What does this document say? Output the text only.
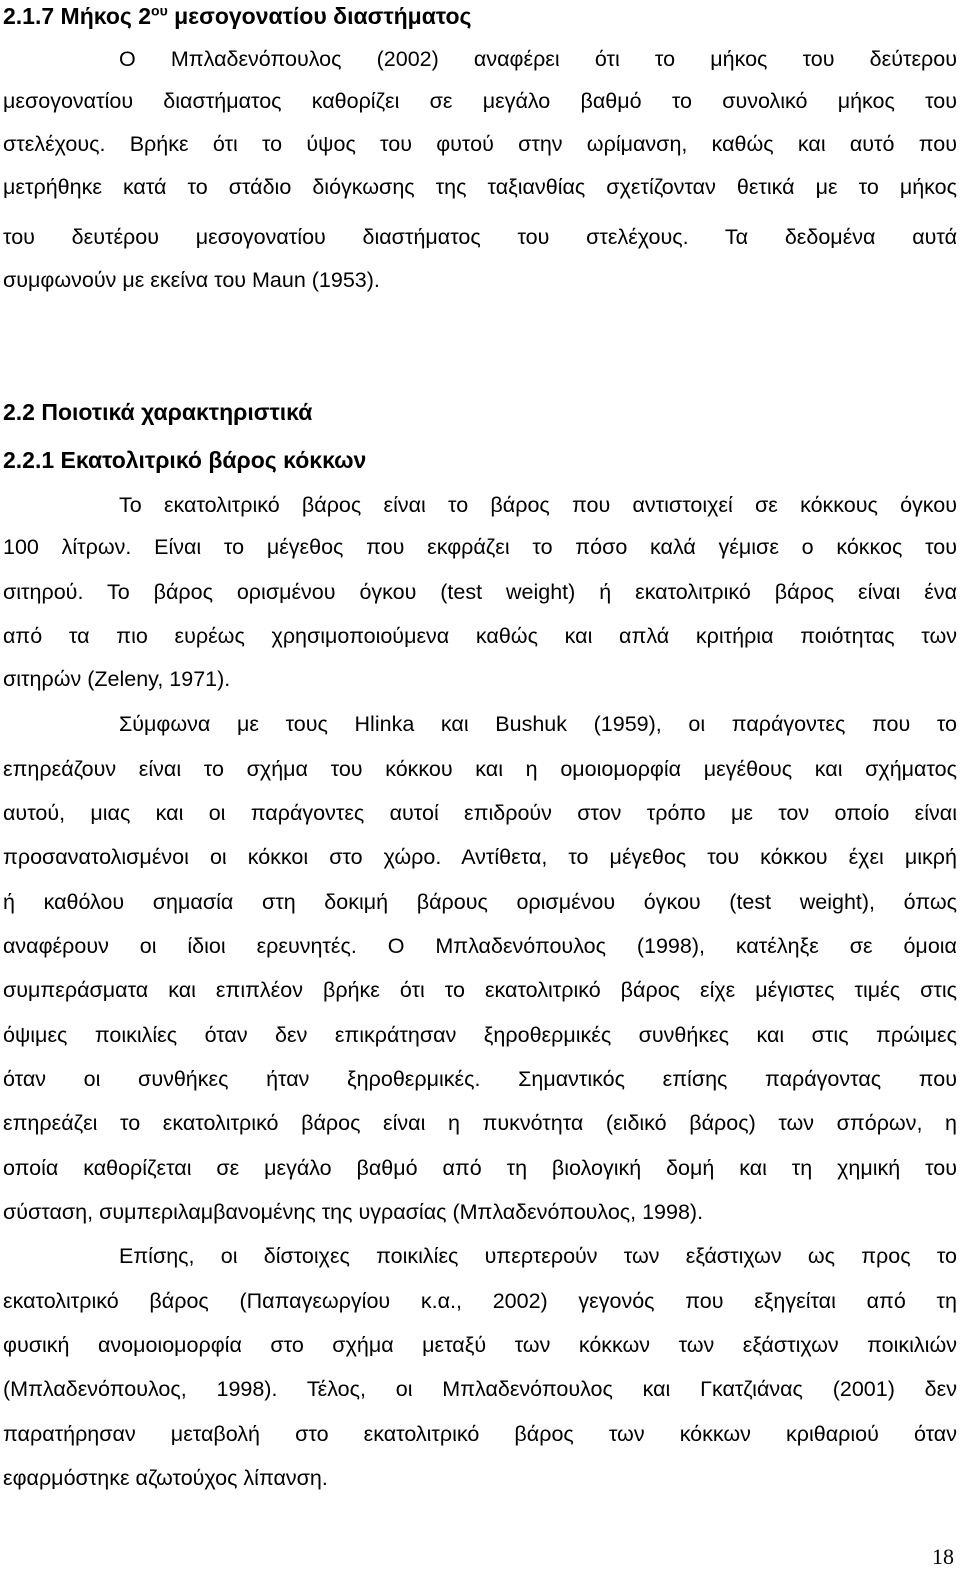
2.1.7 Μήκος $2^{o\upsilon}$ μεσογονατίου διαστήματος
Ο Μπλαδενόπουλος (2002) αναφέρει ότι το μήκος του δεύτερου
μεσογονατίου διαστήματος καθορίζει σε μεγάλο βαθμό το συνολικό μήκος του
στελέχους. Βρήκε ότι το ύψος του φυτού στην ωρίμανση, καθώς και αυτό που
μετρήθηκε κατά το στάδιο διόγκωσης της ταξιανθίας σχετίζονταν θετικά με το μήκος
του δευτέρου μεσογονατίου διαστήματος του στελέχους. Τα δεδομένα αυτά
συμφωνούν με εκείνα του Maun (1953).
2.2 Ποιοτικά χαρακτηριστικά
2.2.1 Εκατολιτρικό βάρος κόκκων
Το εκατολιτρικό βάρος είναι το βάρος που αντιστοιχεί σε κόκκους όγκου
100 λίτρων. Είναι το μέγεθος που εκφράζει το πόσο καλά γέμισε ο κόκκος του
σιτηρού. Το βάρος ορισμένου όγκου (test weight) ή εκατολιτρικό βάρος είναι ένα
από τα πιο ευρέως χρησιμοποιούμενα καθώς και απλά κριτήρια ποιότητας των
σιτηρών (Zeleny, 1971).
Σύμφωνα με τους Hlinka και Bushuk (1959), οι παράγοντες που το
επηρεάζουν είναι το σχήμα του κόκκου και η ομοιομορφία μεγέθους και σχήματος
αυτού, μιας και οι παράγοντες αυτοί επιδρούν στον τρόπο με τον οποίο είναι
προσανατολισμένοι οι κόκκοι στο χώρο. Αντίθετα, το μέγεθος του κόκκου έχει μικρή
ή καθόλου σημασία στη δοκιμή βάρους ορισμένου όγκου (test weight), όπως
αναφέρουν οι ίδιοι ερευνητές. Ο Μπλαδενόπουλος (1998), κατέληξε σε όμοια
συμπεράσματα και επιπλέον βρήκε ότι το εκατολιτρικό βάρος είχε μέγιστες τιμές στις
όψιμες ποικιλίες όταν δεν επικράτησαν ξηροθερμικές συνθήκες και στις πρώιμες
όταν οι συνθήκες ήταν ξηροθερμικές. Σημαντικός επίσης παράγοντας που
επηρεάζει το εκατολιτρικό βάρος είναι η πυκνότητα (ειδικό βάρος) των σπόρων, η
οποία καθορίζεται σε μεγάλο βαθμό από τη βιολογική δομή και τη χημική του
σύσταση, συμπεριλαμβανομένης της υγρασίας (Μπλαδενόπουλος, 1998).
Επίσης, οι δίστοιχες ποικιλίες υπερτερούν των εξάστιχων ως προς το
εκατολιτρικό βάρος (Παπαγεωργίου κ.α., 2002) γεγονός που εξηγείται από τη
φυσική ανομοιομορφία στο σχήμα μεταξύ των κόκκων των εξάστιχων ποικιλιών
(Μπλαδενόπουλος, 1998). Τέλος, οι Μπλαδενόπουλος και Γκατζιάνας (2001) δεν
παρατήρησαν μεταβολή στο εκατολιτρικό βάρος των κόκκων κριθαριού όταν
εφαρμόστηκε αζωτούχος λίπανση.
18
